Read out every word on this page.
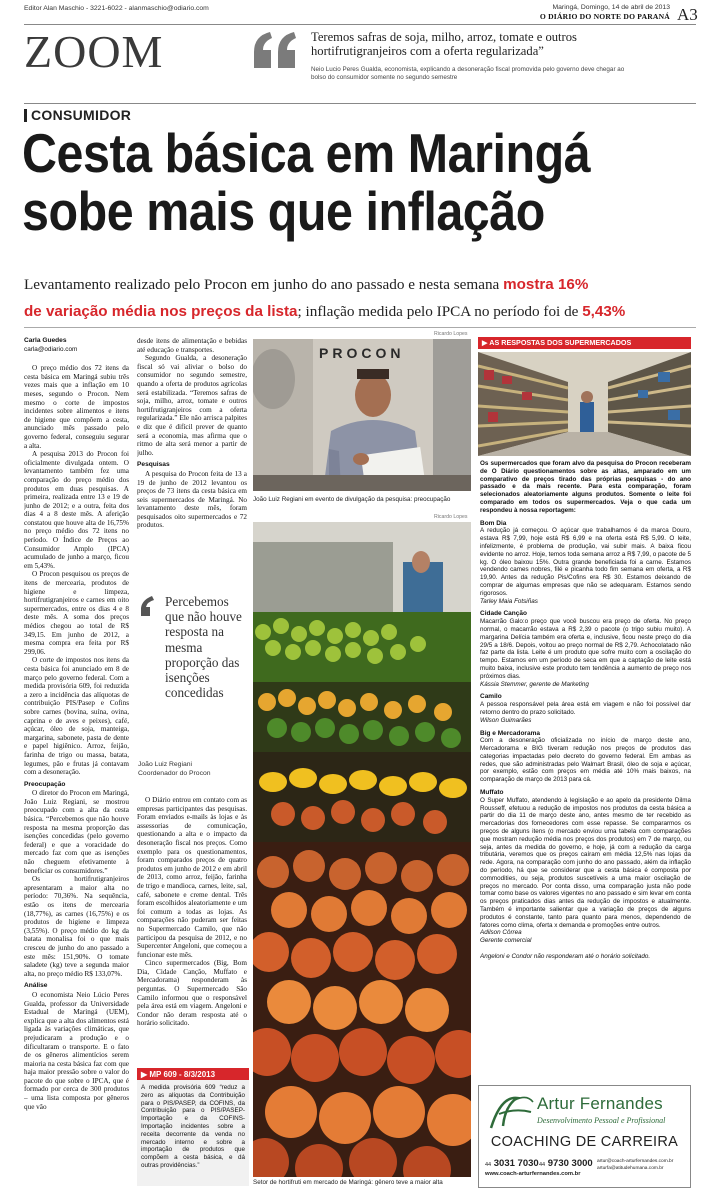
Editor Alan Maschio - 3221-6022 - alanmaschio@odiario.com	Maringá, Domingo, 14 de abril de 2013
O DIÁRIO DO NORTE DO PARANÁ A3
ZOOM	Teremos safras de soja, milho, arroz, tomate e outros hortifrutigranjeiros com a oferta regularizada”
Neio Lucio Peres Gualda, economista, explicando a desoneração fiscal promovida pelo governo deve chegar ao bolso do consumidor somente no segundo semestre
CONSUMIDOR
Cesta básica em Maringá
sobe mais que inflação
Levantamento realizado pelo Procon em junho do ano passado e nesta semana mostra 16%
de variação média nos preços da lista; inflação medida pelo IPCA no período foi de 5,43%
Carla Guedes
carla@odiario.com

O preço médio dos 72 itens da cesta básica em Maringá subiu três vezes mais que a inflação em 10 meses, segundo o Procon. Nem mesmo o corte de impostos incidentes sobre alimentos e itens de higiene que compõem a cesta, anunciado mês passado pelo governo federal, conseguiu segurar a alta.

A pesquisa 2013 do Procon foi oficialmente divulgada ontem. O levantamento também fez uma comparação do preço médio dos produtos em duas pesquisas. A primeira, realizada entre 13 e 19 de junho de 2012; e a outra, feita dos dias 4 a 8 deste mês. A aferição constatou que houve alta de 16,75% no preço médio dos 72 itens no período. O Índice de Preços ao Consumidor Amplo (IPCA) acumulado de junho a março, ficou em 5,43%.

O Procon pesquisou os preços de itens de mercearia, produtos de higiene e limpeza, hortifrutigranjeiros e carnes em oito supermercados, entre os dias 4 e 8 deste mês. A soma dos preços médios chegou ao total de R$ 349,15. Em junho de 2012, a mesma compra era feita por R$ 299,06.

O corte de impostos nos itens da cesta básica foi anunciado em 8 de março pelo governo federal. Com a medida provisória 609, foi reduzida a zero a incidência das alíquotas de contribuição PIS/Pasep e Cofins sobre carnes (bovina, suína, ovina, caprina e de aves e peixes), café, açúcar, óleo de soja, manteiga, margarina, sabonete, pasta de dente e papel higiênico. Arroz, feijão, farinha de trigo ou massa, batata, legumes, pão e frutas já contavam com a desoneração.

Preocupação

O diretor do Procon em Maringá, João Luiz Regiani, se mostrou preocupado com a alta da cesta básica. “Percebemos que não houve resposta na mesma proporção das isenções concedidas (pelo governo federal) e que a voracidade do mercado faz com que as isenções não cheguem efetivamente à beneficiar os consumidores.”

Os hortifrutigranjeiros apresentaram a maior alta no período: 70,36%. Na sequência, estão os itens de mercearia (18,77%), as carnes (16,75%) e os produtos de higiene e limpeza (3,55%). O preço médio do kg da batata monalisa foi o que mais cresceu de junho do ano passado a este mês: 151,90%. O tomate saladete (kg) teve a segunda maior alta, no preço médio R$ 133,07%.

Análise

O economista Neio Lúcio Peres Gualda, professor da Universidade Estadual de Maringá (UEM), explica que a alta dos alimentos está ligada às variações climáticas, que prejudicaram a produção e o dificultaram o transporte. E o fato de os gêneros alimentícios serem maioria na cesta básica faz com que haja maior pressão sobre o valor do pacote do que sobre o IPCA, que é formado por cerca de 300 produtos – uma lista composta por gêneros que vão

desde itens de alimentação e bebidas até educação e transportes.

Segundo Gualda, a desoneração fiscal só vai aliviar o bolso do consumidor no segundo semestre, quando a oferta de produtos agrícolas será estabilizada. “Teremos safras de soja, milho, arroz, tomate e outros hortifrutigranjeiros com a oferta regularizada.” Ele não arrisca palpites e diz que é difícil prever de quanto será a economia, mas afirma que o ritmo de alta será menor a partir de julho.

Pesquisas

A pesquisa do Procon feita de 13 a 19 de junho de 2012 levantou os preços de 73 itens da cesta básica em seis supermercados de Maringá. No levantamento deste mês, foram pesquisados oito supermercados e 72 produtos.

Percebemos que não houve resposta na mesma proporção das isenções concedidas
João Luiz Regiani
Coordenador do Procon

O Diário entrou em contato com as empresas participantes das pesquisas. Foram enviados e-mails às lojas e às assessorias de comunicação, questionando a alta e o impacto da desoneração fiscal nos preços. Como exemplo para os questionamentos, foram comparados preços de quatro produtos em junho de 2012 e em abril de 2013, como arroz, feijão, farinha de trigo e mandioca, carnes, leite, sal, café, sabonete e creme dental. Três foram escolhidos aleatoriamente e um foi comum a todas as lojas. As comparações não puderam ser feitas no Supermercado Camilo, que não participou da pesquisa de 2012, e no Supercenter Angeloni, que começou a funcionar este mês.

Cinco supermercados (Big, Bom Dia, Cidade Canção, Muffato e Mercadorama) responderam às perguntas. O Supermercado São Camilo informou que o responsável pela área está em viagem. Angeloni e Condor não deram resposta até o horário solicitado.

▶ MP 609 - 8/3/2013
A medida provisória 609 “reduz a zero as alíquotas da Contribuição para o PIS/PASEP, da COFINS, da Contribuição para o PIS/PASEP-Importação e da COFINS-Importação incidentes sobre a receita decorrente da venda no mercado interno e sobre a importação de produtos que compõem a cesta básica, e dá outras providências.”
Ricardo Lopes
PROCON
João Luiz Regiani em evento de divulgação da pesquisa: preocupação
Ricardo Lopes
Setor de hortifruti em mercado de Maringá: gênero teve a maior alta
▶ AS RESPOSTAS DOS SUPERMERCADOS
Os supermercados que foram alvo da pesquisa do Procon receberam de O Diário questionamentos sobre as altas, amparado em um comparativo de preços tirado das próprias pesquisas - do ano passado e da mais recente. Para esta comparação, foram selecionados aleatoriamente alguns produtos. Somente o leite foi comparado em todos os supermercados. Veja o que cada um respondeu à nossa reportagem:
Bom Dia
A redução já começou. O açúcar que trabalhamos é da marca Douro, estava R$ 7,99, hoje está R$ 6,99 e na oferta está R$ 5,99. O leite, infelizmente, é problema de produção, vai subir mais. A baixa ficou evidente no arroz. Hoje, temos toda semana arroz a R$ 7,99, o pacote de 5 kg. O óleo baixou 15%. Outra grande beneficiada foi a carne. Estamos vendendo cames nobres, filé e picanha todo fim semana em oferta, a R$ 19,90. Antes da redução Pis/Cofins era R$ 30. Estamos deixando de comprar de algumas empresas que não se adequaram. Estamos sendo rigorosos.
Tarley Maia Fotsiñas
Cidade Canção
Macarrão Galo:o preço que você buscou era preço de oferta. No preço normal, o macarrão estava a R$ 2,39 o pacote (o trigo subiu muito). A margarina Delícia também era oferta e, inclusive, ficou neste preço do dia 29/5 a 18/6. Depois, voltou ao preço normal de R$ 2,79. Achocolatado não faz parte da lista. Leite é um produto que sofre muito com a oscilação do tempo. Estamos em um período de seca em que a captação de leite está muito baixa, inclusive este produto tem tendência a aumento de preço nos próximos dias.
Kássia Stemmer, gerente de Marketing
Camilo
A pessoa responsável pela área está em viagem e não foi possível dar retorno dentro do prazo solicitado.
Wilson Guimarães
Big e Mercadorama
Com a desoneração oficializada no início de março deste ano, Mercadorama e BIG tiveram redução nos preços de produtos das categorias impactadas pelo decreto do governo federal. Em ambas as redes, que são administradas pelo Walmart Brasil, óleo de soja e açúcar, por exemplo, estão com preços em média até 10% mais baixos, na comparação de março de 2013 para cá.
Muffato
O Super Muffato, atendendo à legislação e ao apelo da presidente Dilma Rousseff, efetuou a redução de impostos nos produtos da cesta básica a partir do dia 11 de março deste ano, antes mesmo de ter recebido as mercadorias dos fornecedores com esse repasse. Se compararmos os preços de alguns itens (o mercado enviou uma tabela com comparações que mostram redução média nos preços dos produtos) em 7 de março, ou seja, antes da medida do governo, e hoje, já com a redução da carga tributária, veremos que os preços caíram em média 12,5% nas lojas da rede. Agora, na comparação com junho do ano passado, além da inflação do período, há que se considerar que a cesta básica é composta por commodities, ou seja, produtos suscetíveis a uma maior oscilação de preços no mercado. Por conta disso, uma comparação justa não pode tomar como base os valores vigentes no ano passado e sim levar em conta os preços praticados dias antes da redução de impostos e atualmente. Também é importante salientar que a variação de preços de alguns produtos é constante, tanto para quanto para menos, dependendo de fatores como clima, oferta x demanda e promoções entre outros.
Adilson Côrrea
Gerente comercial
Angeloni e Condor não responderam até o horário solicitado.
Artur Fernandes
Desenvolvimento Pessoal e Profissional
COACHING DE CARREIRA
44 3031 7030 44 9730 3000
www.coach-arturfernandes.com.br
artur@coach-arturfernandes.com.br
arturfa@atitudehumana.com.br
